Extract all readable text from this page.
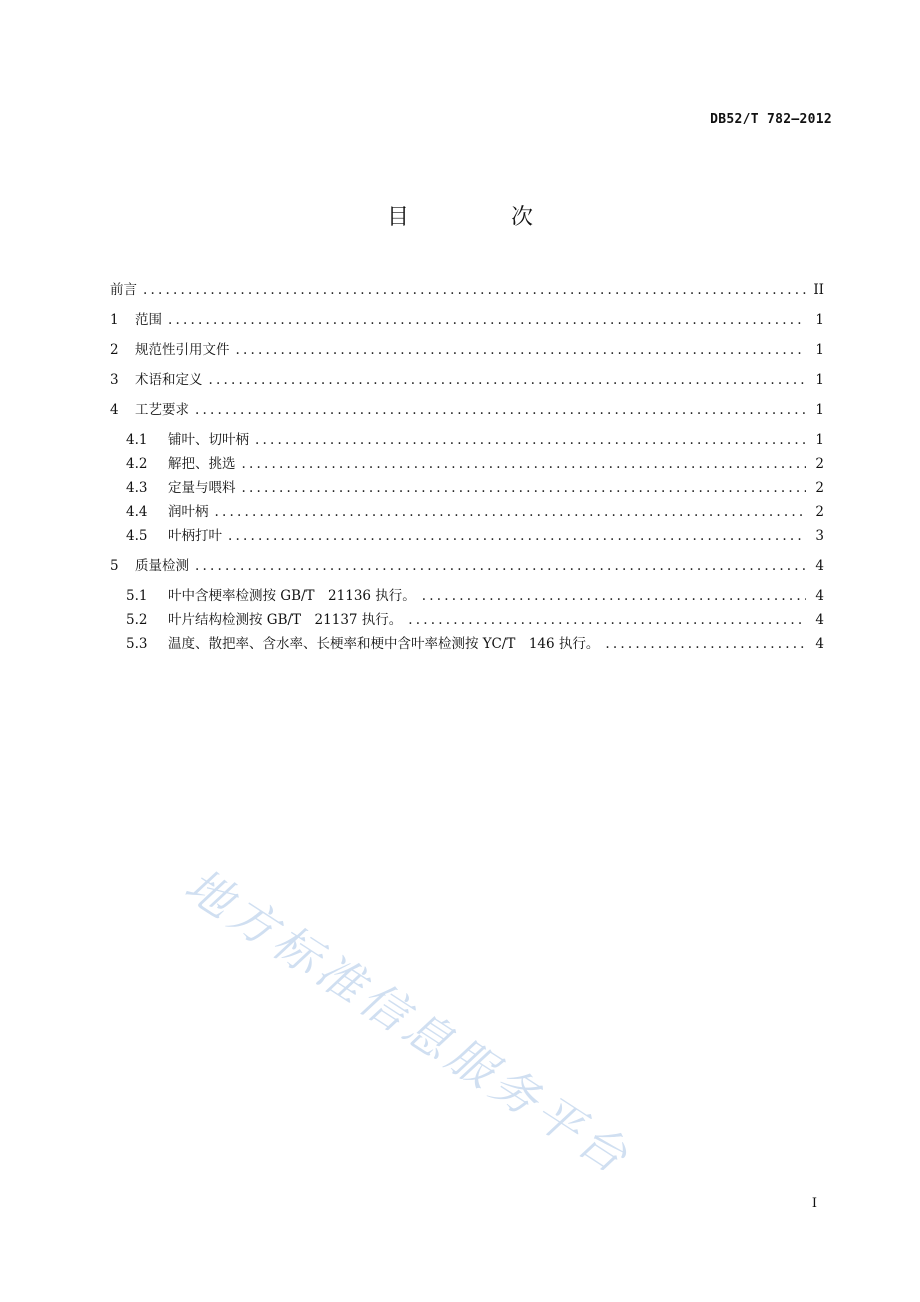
DB52/T 782—2012
目　次
前言 .....	II
1	范围 .....	1
2	规范性引用文件 .....	1
3	术语和定义 .....	1
4	工艺要求 .....	1
4.1	铺叶、切叶柄 .....	1
4.2	解把、挑选 .....	2
4.3	定量与喂料 .....	2
4.4	润叶柄 .....	2
4.5	叶柄打叶 .....	3
5	质量检测 .....	4
5.1	叶中含梗率检测按 GB/T　21136 执行。 .....	4
5.2	叶片结构检测按 GB/T　21137 执行。 .....	4
5.3	温度、散把率、含水率、长梗率和梗中含叶率检测按 YC/T　146 执行。 .....	4
地方标准信息服务平台
I
